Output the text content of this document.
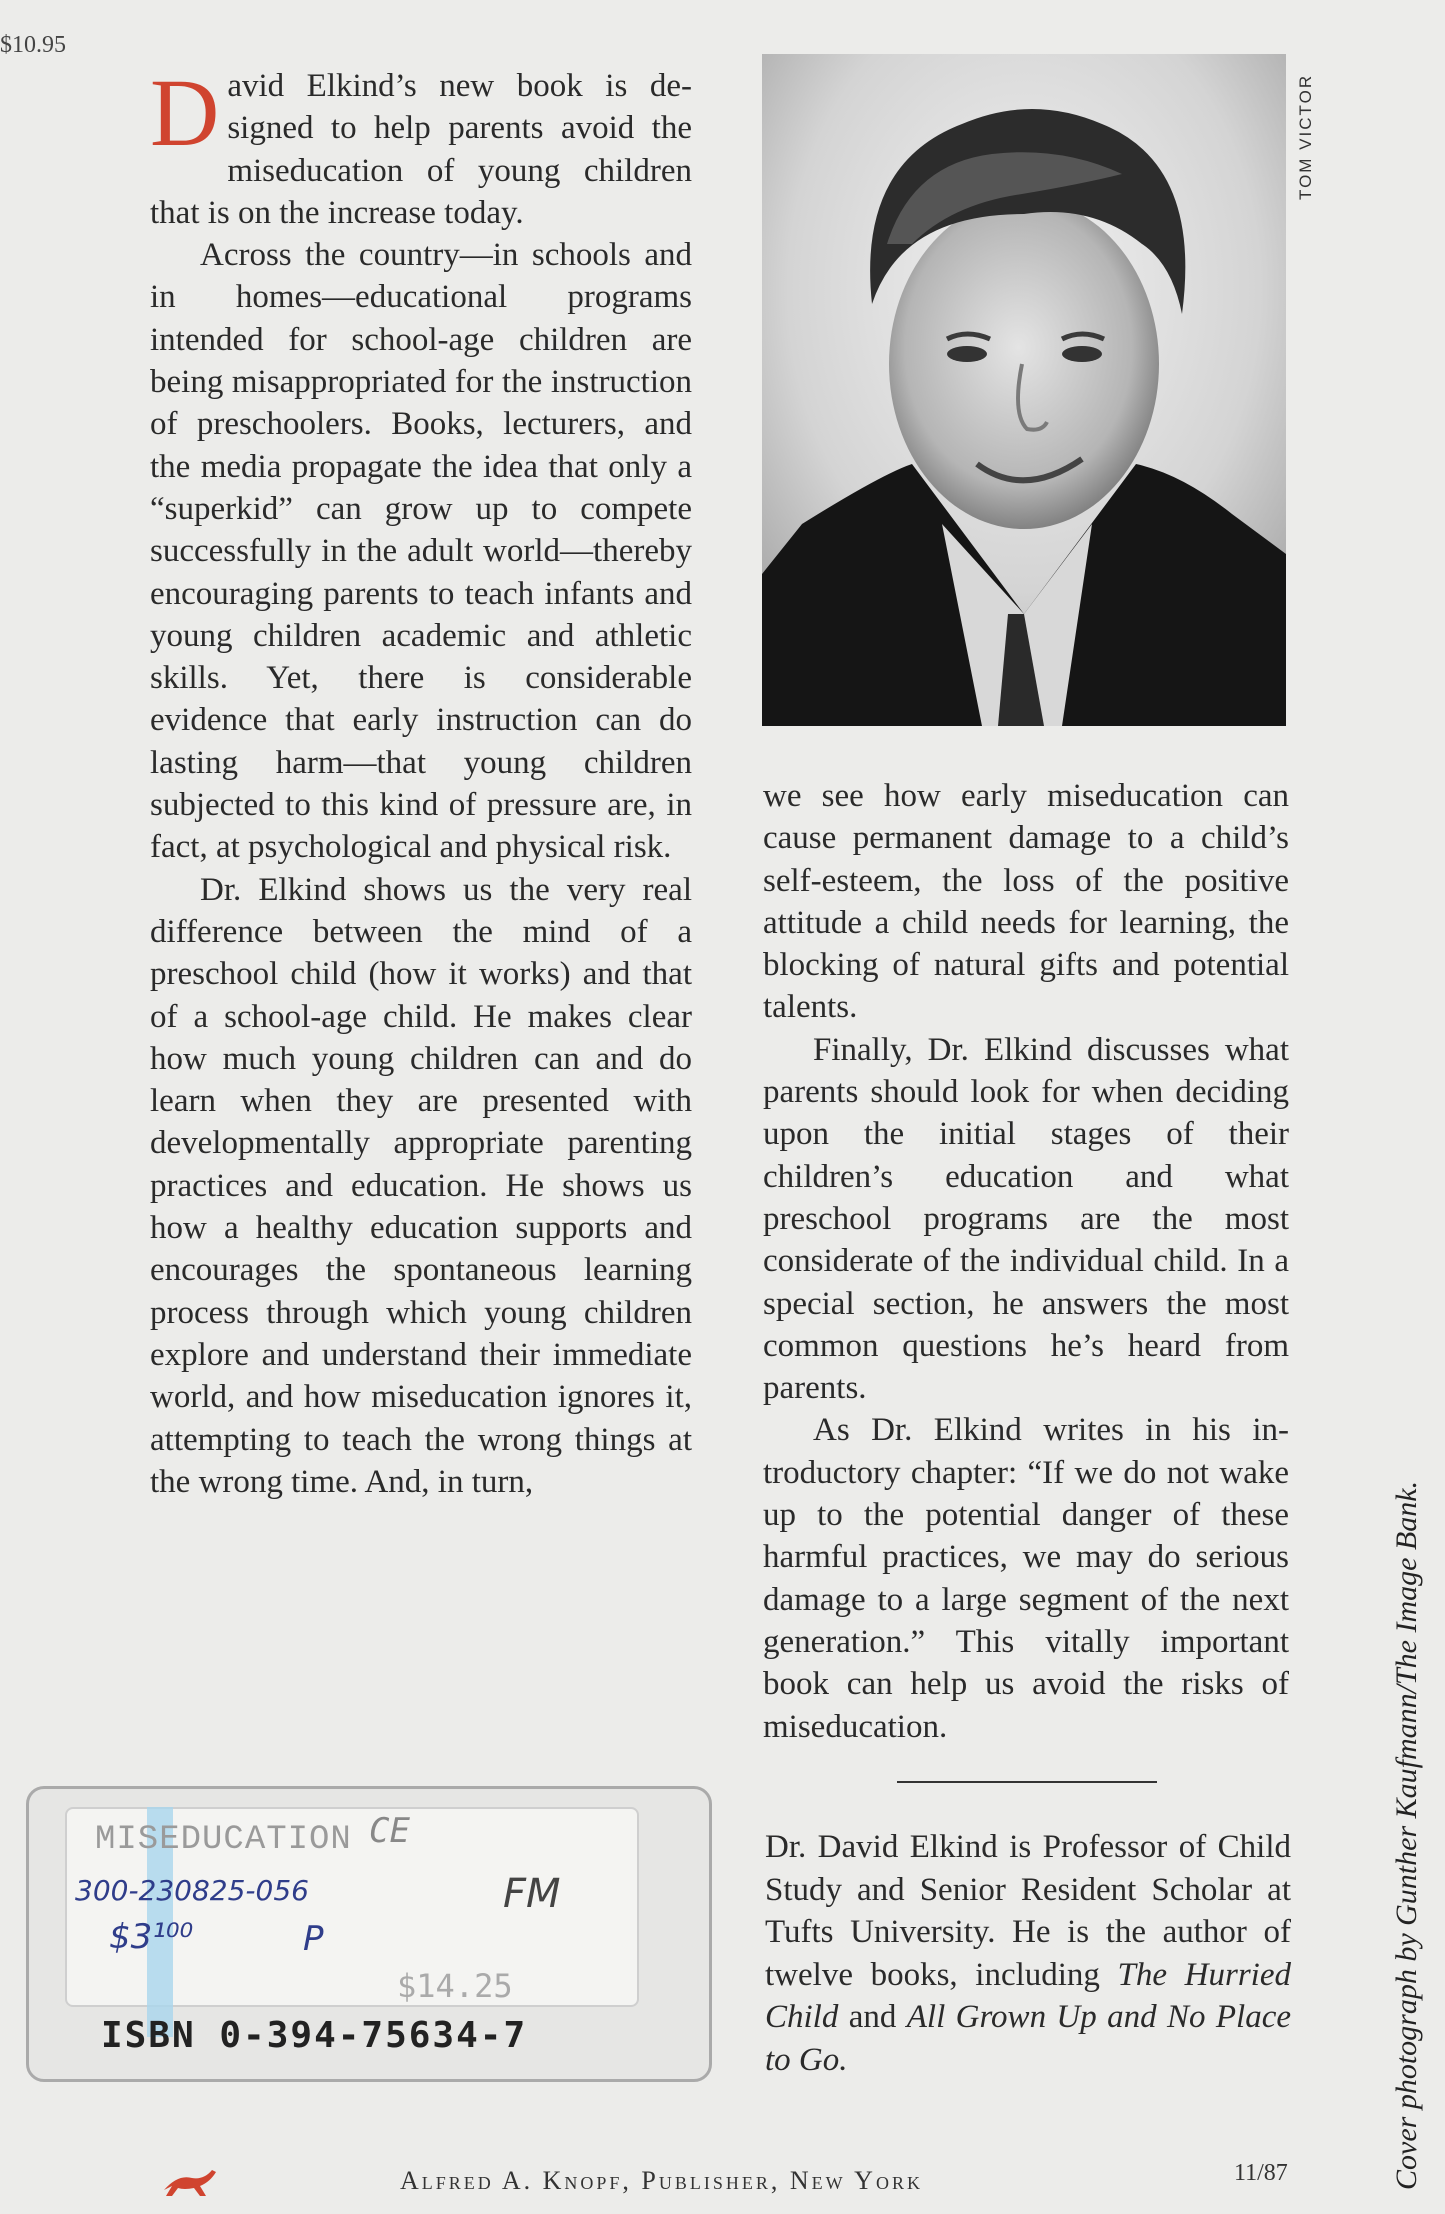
$10.95

David Elkind’s new book is designed to help parents avoid the miseducation of young children that is on the increase today.

Across the country—in schools and in homes—educational programs intended for school-age children are being misappropriated for the instruction of preschoolers. Books, lecturers, and the media propagate the idea that only a “superkid” can grow up to compete successfully in the adult world—thereby encouraging parents to teach infants and young children academic and athletic skills. Yet, there is considerable evidence that early instruction can do lasting harm—that young children subjected to this kind of pressure are, in fact, at psychological and physical risk.

Dr. Elkind shows us the very real difference between the mind of a preschool child (how it works) and that of a school-age child. He makes clear how much young children can and do learn when they are presented with developmentally appropriate parenting practices and education. He shows us how a healthy education supports and encourages the spontaneous learning process through which young children explore and understand their immediate world, and how miseducation ignores it, attempting to teach the wrong things at the wrong time. And, in turn,

TOM VICTOR

we see how early miseducation can cause permanent damage to a child’s self-esteem, the loss of the positive attitude a child needs for learning, the blocking of natural gifts and potential talents.

Finally, Dr. Elkind discusses what parents should look for when deciding upon the initial stages of their children’s education and what preschool programs are the most considerate of the individual child. In a special section, he answers the most common questions he’s heard from parents.

As Dr. Elkind writes in his introductory chapter: “If we do not wake up to the potential danger of these harmful practices, we may do serious damage to a large segment of the next generation.” This vitally important book can help us avoid the risks of miseducation.

Dr. David Elkind is Professor of Child Study and Senior Resident Scholar at Tufts University. He is the author of twelve books, including The Hurried Child and All Grown Up and No Place to Go.	Cover photograph by Gunther Kaufmann/The Image Bank.
MISEDUCATION CE
300-230825-056
$3¹⁰⁰	P
FM
$14.25
ISBN 0-394-75634-7
Alfred A. Knopf, Publisher, New York	11/87
